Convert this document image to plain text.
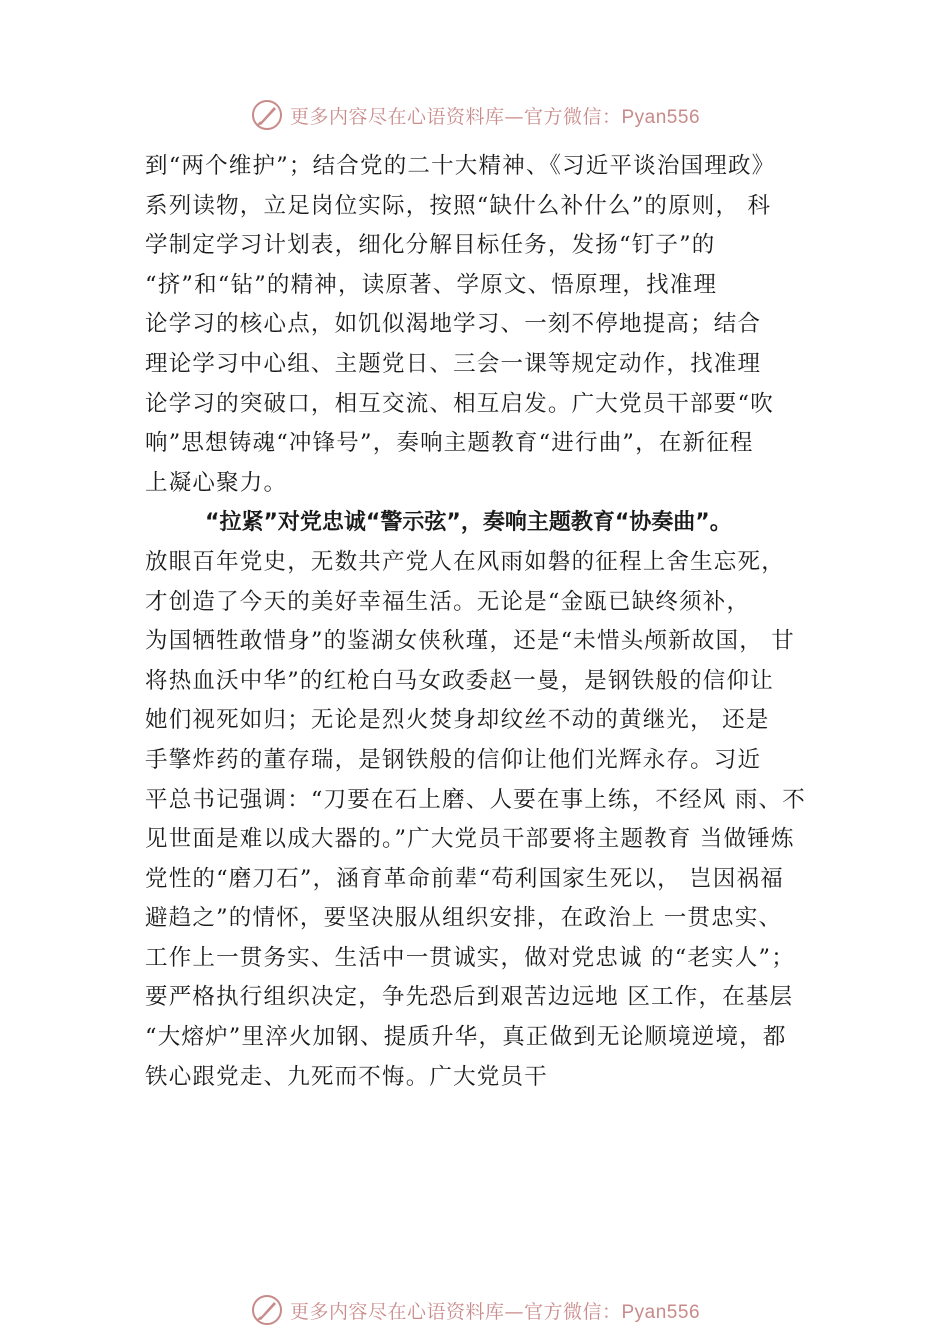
更多内容尽在心语资料库—官方微信：Pyan556
到“两个维护”；结合党的二十大精神、《习近平谈治国理政》
系列读物，立足岗位实际，按照“缺什么补什么”的原则， 科
学制定学习计划表，细化分解目标任务，发扬“钉子”的
“挤”和“钻”的精神，读原著、学原文、悟原理，找准理
论学习的核心点，如饥似渴地学习、一刻不停地提高；结合
理论学习中心组、主题党日、三会一课等规定动作，找准理
论学习的突破口，相互交流、相互启发。广大党员干部要“吹
响”思想铸魂“冲锋号”，奏响主题教育“进行曲”，在新征程
上凝心聚力。
“拉紧”对党忠诚“警示弦”，奏响主题教育“协奏曲”。
放眼百年党史，无数共产党人在风雨如磐的征程上舍生忘死，
才创造了今天的美好幸福生活。无论是“金瓯已缺终须补，
为国牺牲敢惜身”的鉴湖女侠秋瑾，还是“未惜头颅新故国， 甘
将热血沃中华”的红枪白马女政委赵一曼，是钢铁般的信仰让
她们视死如归；无论是烈火焚身却纹丝不动的黄继光， 还是
手擎炸药的董存瑞，是钢铁般的信仰让他们光辉永存。习近
平总书记强调：“刀要在石上磨、人要在事上练，不经风 雨、不
见世面是难以成大器的。”广大党员干部要将主题教育 当做锤炼
党性的“磨刀石”，涵育革命前辈“苟利国家生死以， 岂因祸福
避趋之”的情怀，要坚决服从组织安排，在政治上 一贯忠实、
工作上一贯务实、生活中一贯诚实，做对党忠诚 的“老实人”；
要严格执行组织决定，争先恐后到艰苦边远地 区工作，在基层
“大熔炉”里淬火加钢、提质升华，真正做到无论顺境逆境，都
铁心跟党走、九死而不悔。广大党员干
更多内容尽在心语资料库—官方微信：Pyan556
